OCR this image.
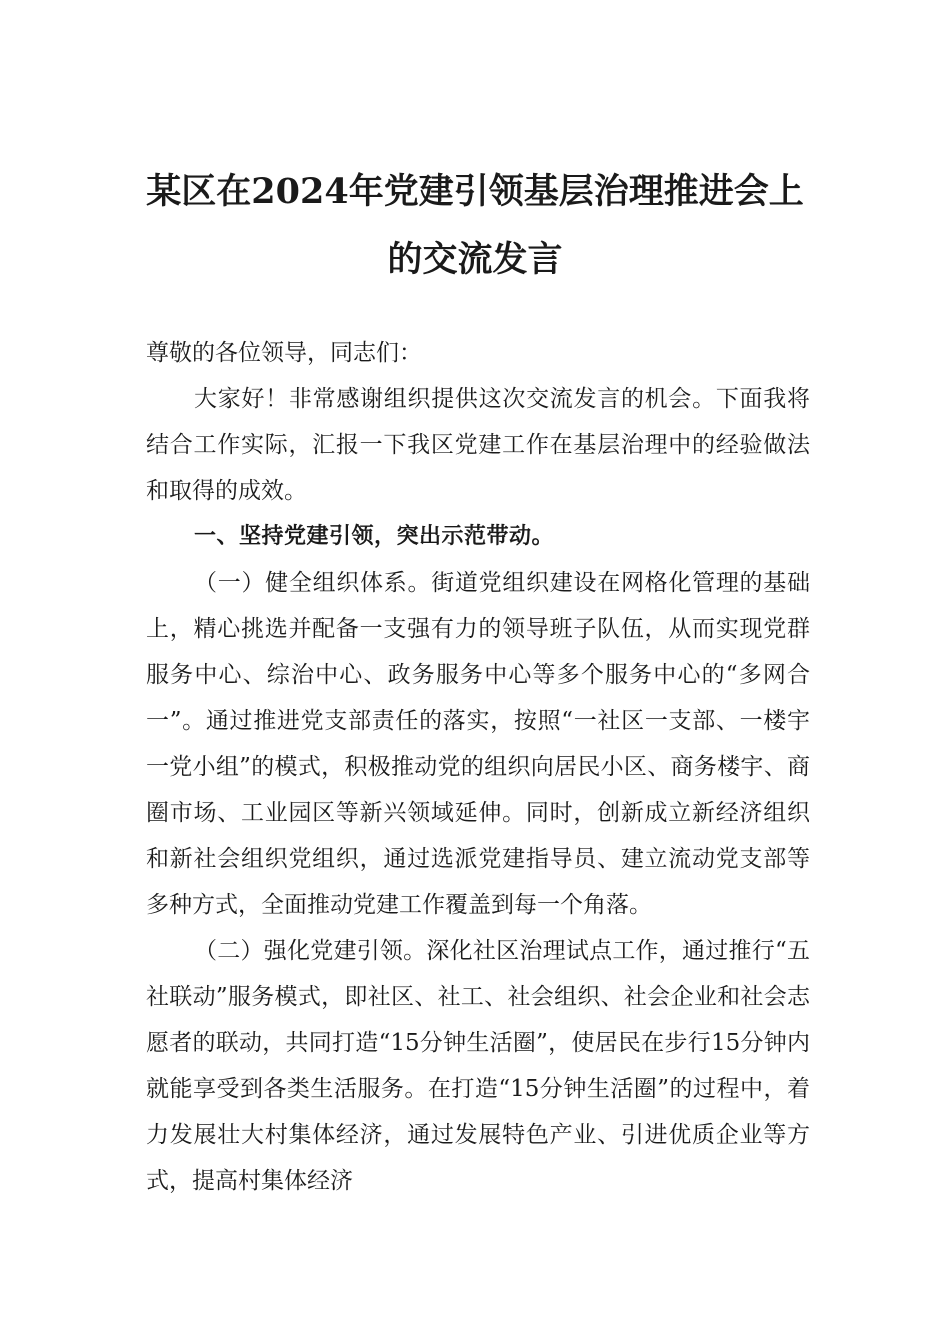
某区在2024年党建引领基层治理推进会上
的交流发言

尊敬的各位领导，同志们：

大家好！非常感谢组织提供这次交流发言的机会。下面我将结合工作实际，汇报一下我区党建工作在基层治理中的经验做法和取得的成效。

一、坚持党建引领，突出示范带动。

（一）健全组织体系。街道党组织建设在网格化管理的基础上，精心挑选并配备一支强有力的领导班子队伍，从而实现党群服务中心、综治中心、政务服务中心等多个服务中心的“多网合一”。通过推进党支部责任的落实，按照“一社区一支部、一楼宇一党小组”的模式，积极推动党的组织向居民小区、商务楼宇、商圈市场、工业园区等新兴领域延伸。同时，创新成立新经济组织和新社会组织党组织，通过选派党建指导员、建立流动党支部等多种方式，全面推动党建工作覆盖到每一个角落。

（二）强化党建引领。深化社区治理试点工作，通过推行“五社联动”服务模式，即社区、社工、社会组织、社会企业和社会志愿者的联动，共同打造“15分钟生活圈”，使居民在步行15分钟内就能享受到各类生活服务。在打造“15分钟生活圈”的过程中，着力发展壮大村集体经济，通过发展特色产业、引进优质企业等方式，提高村集体经济
